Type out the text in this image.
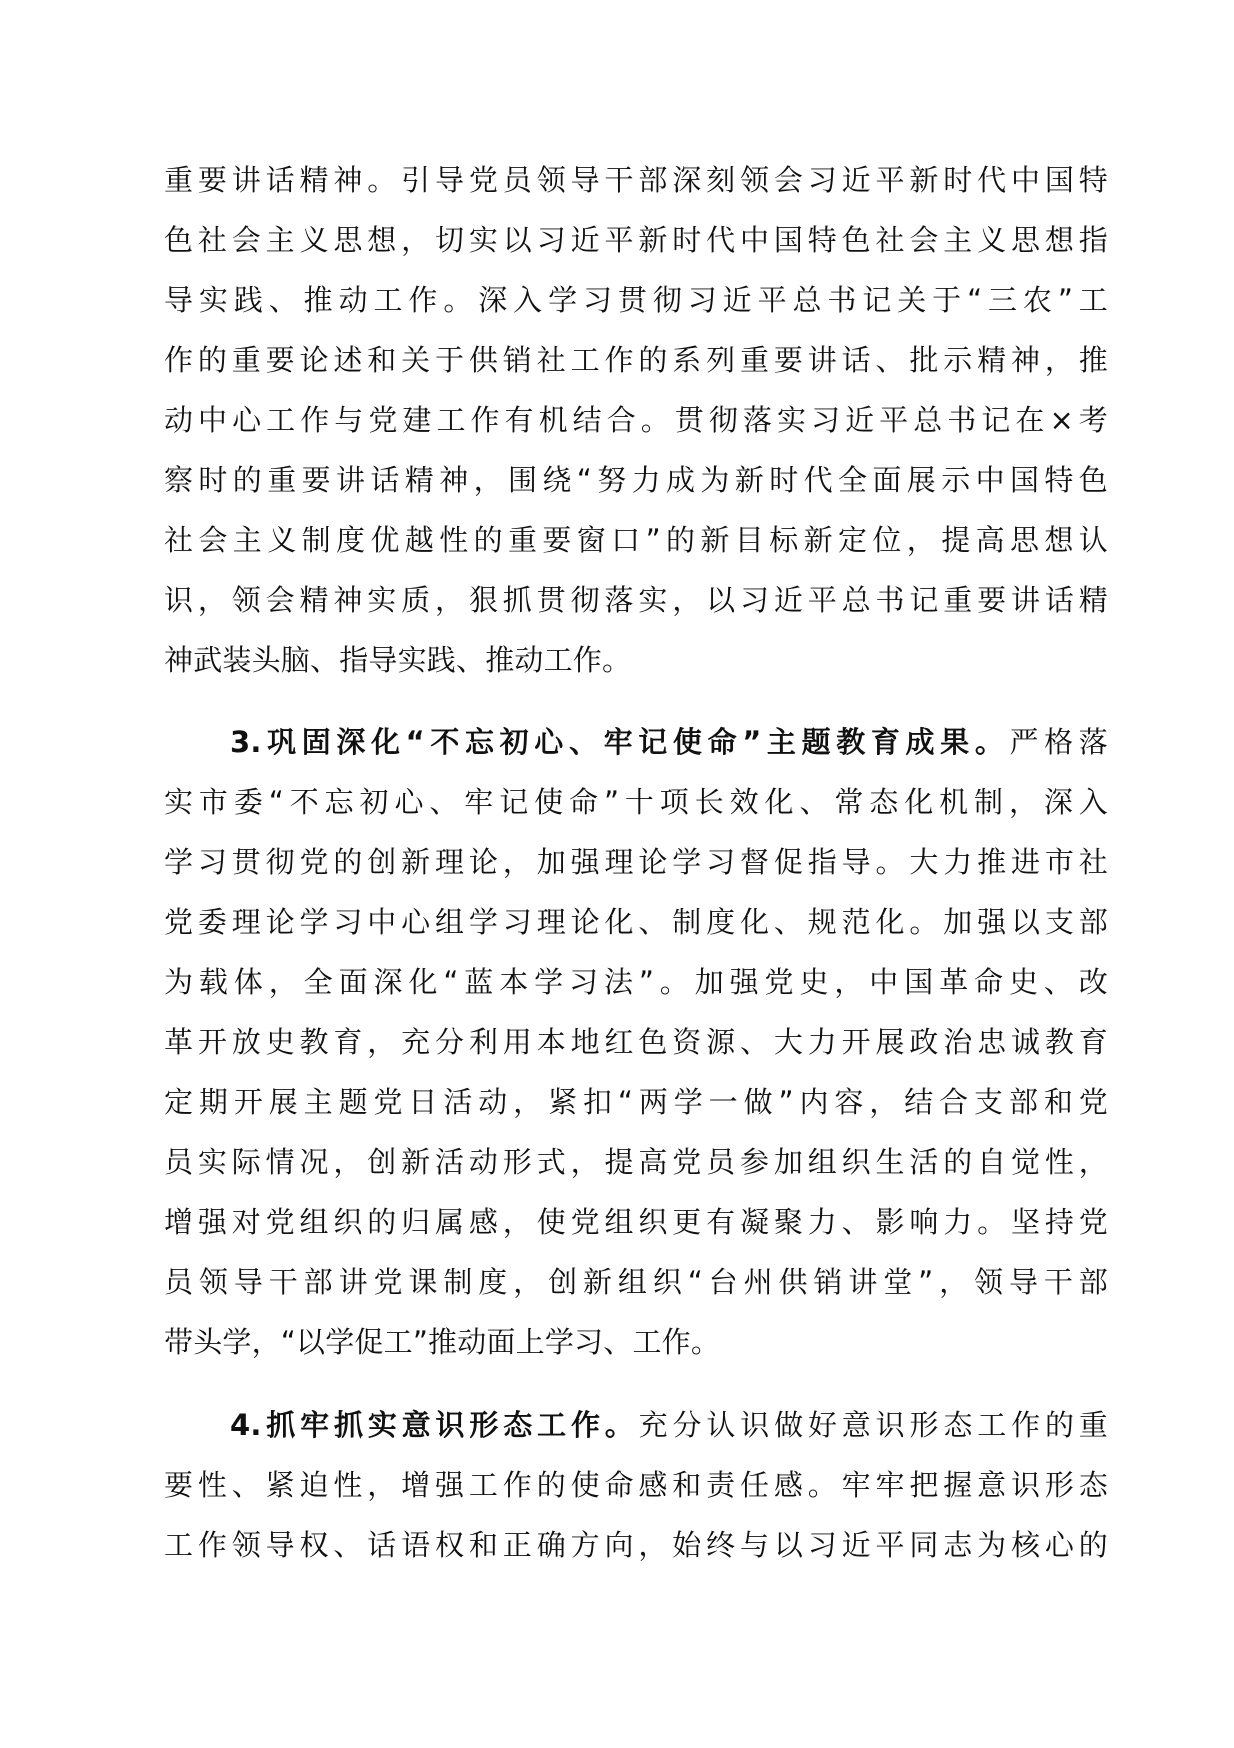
重要讲话精神。引导党员领导干部深刻领会习近平新时代中国特
色社会主义思想，切实以习近平新时代中国特色社会主义思想指
导实践、推动工作。深入学习贯彻习近平总书记关于“三农”工
作的重要论述和关于供销社工作的系列重要讲话、批示精神，推
动中心工作与党建工作有机结合。贯彻落实习近平总书记在×考
察时的重要讲话精神，围绕“努力成为新时代全面展示中国特色
社会主义制度优越性的重要窗口”的新目标新定位，提高思想认
识，领会精神实质，狠抓贯彻落实，以习近平总书记重要讲话精
神武装头脑、指导实践、推动工作。
3.巩固深化“不忘初心、牢记使命”主题教育成果。严格落
实市委“不忘初心、牢记使命”十项长效化、常态化机制，深入
学习贯彻党的创新理论，加强理论学习督促指导。大力推进市社
党委理论学习中心组学习理论化、制度化、规范化。加强以支部
为载体，全面深化“蓝本学习法”。加强党史，中国革命史、改
革开放史教育，充分利用本地红色资源、大力开展政治忠诚教育
定期开展主题党日活动，紧扣“两学一做”内容，结合支部和党
员实际情况，创新活动形式，提高党员参加组织生活的自觉性，
增强对党组织的归属感，使党组织更有凝聚力、影响力。坚持党
员领导干部讲党课制度，创新组织“台州供销讲堂”，领导干部
带头学，“以学促工”推动面上学习、工作。
4.抓牢抓实意识形态工作。充分认识做好意识形态工作的重
要性、紧迫性，增强工作的使命感和责任感。牢牢把握意识形态
工作领导权、话语权和正确方向，始终与以习近平同志为核心的
